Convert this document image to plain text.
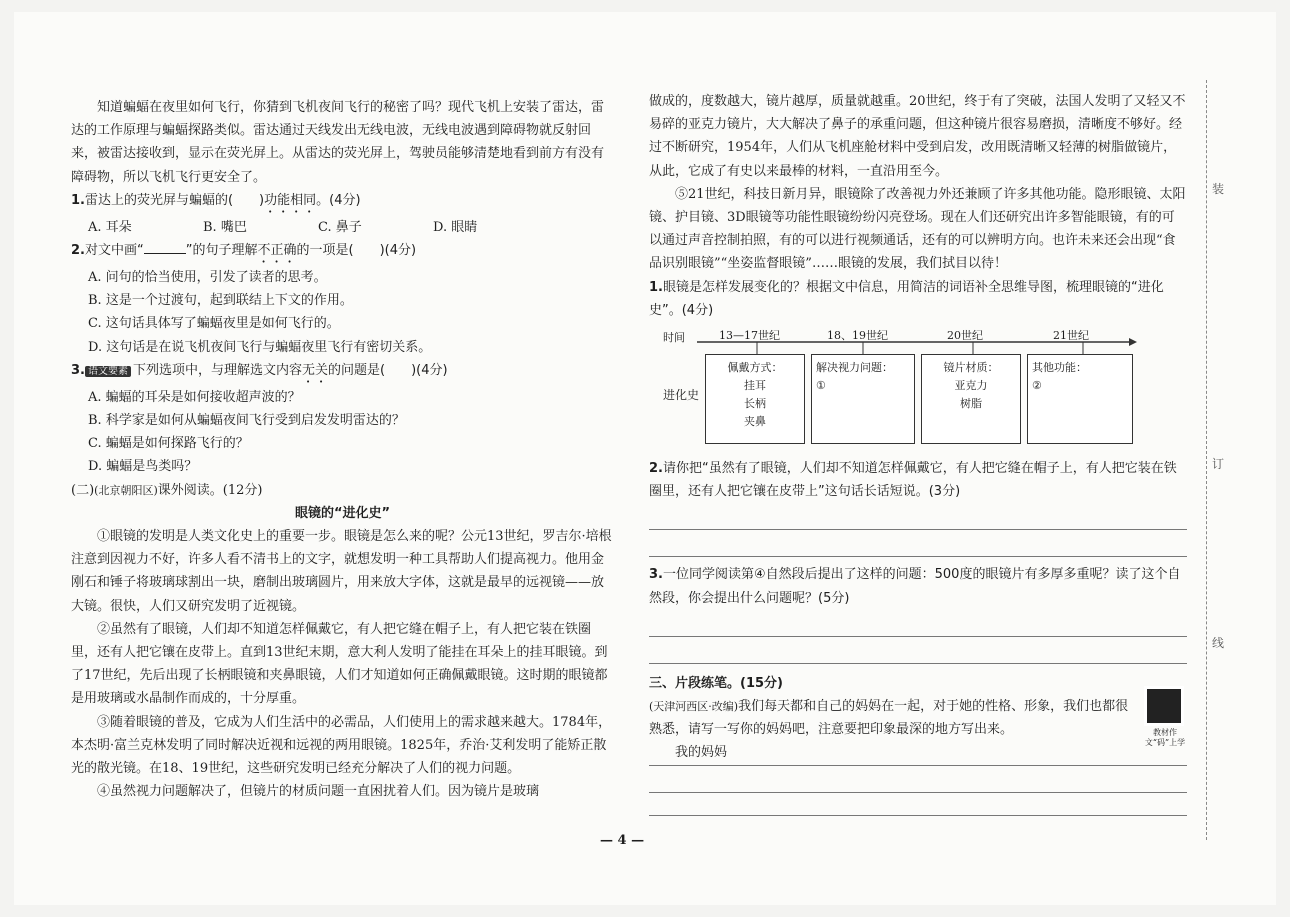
知道蝙蝠在夜里如何飞行，你猜到飞机夜间飞行的秘密了吗？现代飞机上安装了雷达，雷达的工作原理与蝙蝠探路类似。雷达通过天线发出无线电波，无线电波遇到障碍物就反射回来，被雷达接收到，显示在荧光屏上。从雷达的荧光屏上，驾驶员能够清楚地看到前方有没有障碍物，所以飞机飞行更安全了。

1.雷达上的荧光屏与蝙蝠的(　　)功能相同。(4分)

A. 耳朵	B. 嘴巴	C. 鼻子	D. 眼睛

2.对文中画“	”的句子理解不正确的一项是(　　)(4分)

A. 问句的恰当使用，引发了读者的思考。

B. 这是一个过渡句，起到联结上下文的作用。

C. 这句话具体写了蝙蝠夜里是如何飞行的。

D. 这句话是在说飞机夜间飞行与蝙蝠夜里飞行有密切关系。

3. 语文要素 下列选项中，与理解选文内容无关的问题是(　　)(4分)

A. 蝙蝠的耳朵是如何接收超声波的？

B. 科学家是如何从蝙蝠夜间飞行受到启发发明雷达的？

C. 蝙蝠是如何探路飞行的？

D. 蝙蝠是鸟类吗？

(二)(北京朝阳区)课外阅读。(12分)

眼镜的“进化史”

①眼镜的发明是人类文化史上的重要一步。眼镜是怎么来的呢？公元13世纪，罗吉尔·培根注意到因视力不好，许多人看不清书上的文字，就想发明一种工具帮助人们提高视力。他用金刚石和锤子将玻璃球割出一块，磨制出玻璃圆片，用来放大字体，这就是最早的远视镜——放大镜。很快，人们又研究发明了近视镜。

②虽然有了眼镜，人们却不知道怎样佩戴它，有人把它缝在帽子上，有人把它装在铁圈里，还有人把它镶在皮带上。直到13世纪末期，意大利人发明了能挂在耳朵上的挂耳眼镜。到了17世纪，先后出现了长柄眼镜和夹鼻眼镜，人们才知道如何正确佩戴眼镜。这时期的眼镜都是用玻璃或水晶制作而成的，十分厚重。

③随着眼镜的普及，它成为人们生活中的必需品，人们使用上的需求越来越大。1784年，本杰明·富兰克林发明了同时解决近视和远视的两用眼镜。1825年，乔治·艾利发明了能矫正散光的散光镜。在18、19世纪，这些研究发明已经充分解决了人们的视力问题。

④虽然视力问题解决了，但镜片的材质问题一直困扰着人们。因为镜片是玻璃

做成的，度数越大，镜片越厚，质量就越重。20世纪，终于有了突破，法国人发明了又轻又不易碎的亚克力镜片，大大解决了鼻子的承重问题，但这种镜片很容易磨损，清晰度不够好。经过不断研究，1954年，人们从飞机座舱材料中受到启发，改用既清晰又轻薄的树脂做镜片，从此，它成了有史以来最棒的材料，一直沿用至今。

⑤21世纪，科技日新月异，眼镜除了改善视力外还兼顾了许多其他功能。隐形眼镜、太阳镜、护目镜、3D眼镜等功能性眼镜纷纷闪亮登场。现在人们还研究出许多智能眼镜，有的可以通过声音控制拍照，有的可以进行视频通话，还有的可以辨明方向。也许未来还会出现“食品识别眼镜”“坐姿监督眼镜”……眼镜的发展，我们拭目以待！

1.眼镜是怎样发展变化的？根据文中信息，用简洁的词语补全思维导图，梳理眼镜的“进化史”。(4分)

时间	13—17世纪	18、19世纪	20世纪	21世纪
进化史
佩戴方式：
挂耳
长柄
夹鼻
解决视力问题：
①
镜片材质：
亚克力
树脂
其他功能：
②

2.请你把“虽然有了眼镜，人们却不知道怎样佩戴它，有人把它缝在帽子上，有人把它装在铁圈里，还有人把它镶在皮带上”这句话长话短说。(3分)

3.一位同学阅读第④自然段后提出了这样的问题：500度的眼镜片有多厚多重呢？读了这个自然段，你会提出什么问题呢？(5分)

三、片段练笔。(15分)

(天津河西区·改编)我们每天都和自己的妈妈在一起，对于她的性格、形象，我们也都很熟悉，请写一写你的妈妈吧，注意要把印象最深的地方写出来。

我的妈妈

教材作文“码”上学
— 4 —
装
订
线
